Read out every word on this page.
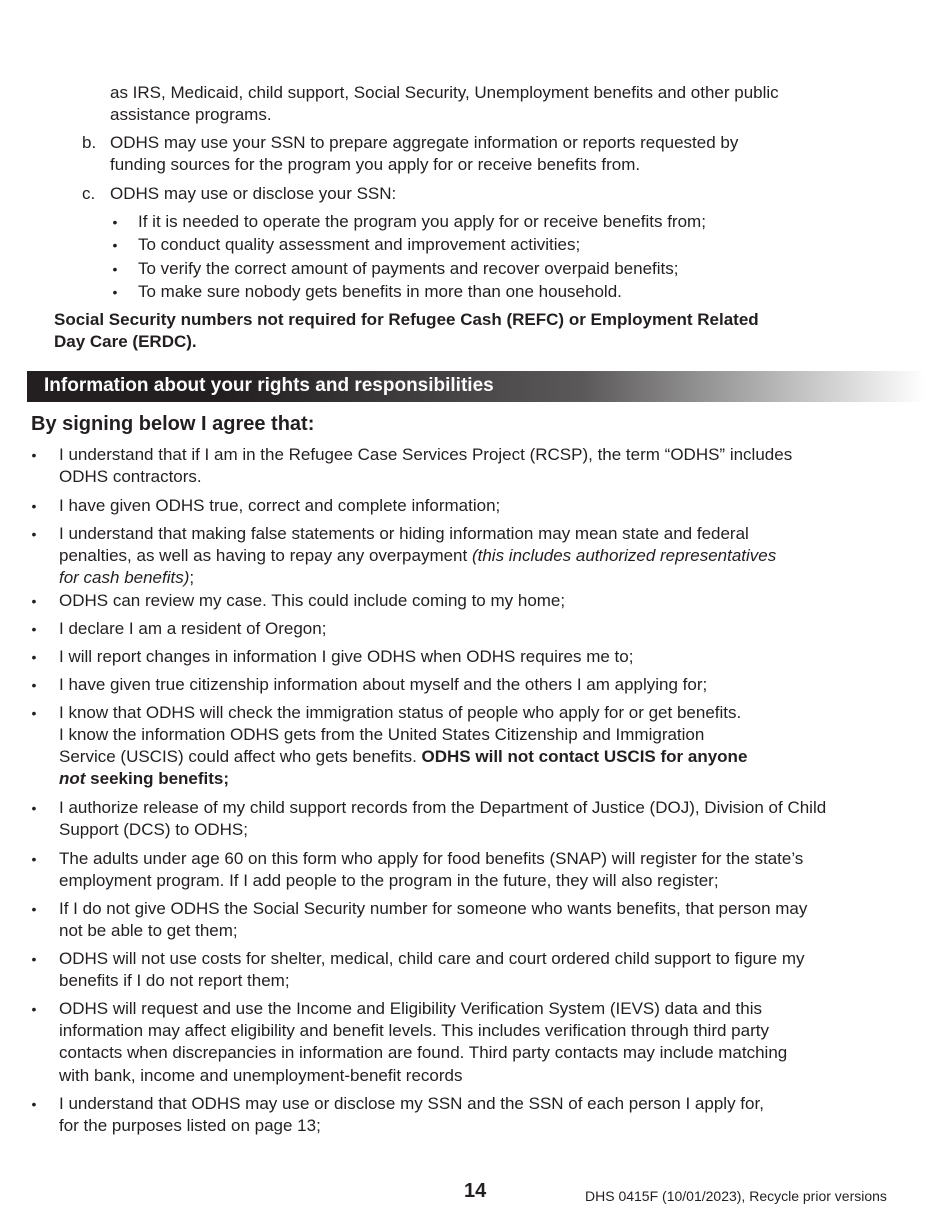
as IRS, Medicaid, child support, Social Security, Unemployment benefits and other public
assistance programs.
b. ODHS may use your SSN to prepare aggregate information or reports requested by
funding sources for the program you apply for or receive benefits from.
c. ODHS may use or disclose your SSN:
• If it is needed to operate the program you apply for or receive benefits from;
• To conduct quality assessment and improvement activities;
• To verify the correct amount of payments and recover overpaid benefits;
• To make sure nobody gets benefits in more than one household.
Social Security numbers not required for Refugee Cash (REFC) or Employment Related
Day Care (ERDC).
Information about your rights and responsibilities
By signing below I agree that:
• I understand that if I am in the Refugee Case Services Project (RCSP), the term “ODHS” includes
ODHS contractors.
• I have given ODHS true, correct and complete information;
• I understand that making false statements or hiding information may mean state and federal
penalties, as well as having to repay any overpayment (this includes authorized representatives
for cash benefits);
• ODHS can review my case. This could include coming to my home;
• I declare I am a resident of Oregon;
• I will report changes in information I give ODHS when ODHS requires me to;
• I have given true citizenship information about myself and the others I am applying for;
• I know that ODHS will check the immigration status of people who apply for or get benefits.
I know the information ODHS gets from the United States Citizenship and Immigration
Service (USCIS) could affect who gets benefits. ODHS will not contact USCIS for anyone
not seeking benefits;
• I authorize release of my child support records from the Department of Justice (DOJ), Division of Child
Support (DCS) to ODHS;
• The adults under age 60 on this form who apply for food benefits (SNAP) will register for the state’s
employment program. If I add people to the program in the future, they will also register;
• If I do not give ODHS the Social Security number for someone who wants benefits, that person may
not be able to get them;
• ODHS will not use costs for shelter, medical, child care and court ordered child support to figure my
benefits if I do not report them;
• ODHS will request and use the Income and Eligibility Verification System (IEVS) data and this
information may affect eligibility and benefit levels. This includes verification through third party
contacts when discrepancies in information are found. Third party contacts may include matching
with bank, income and unemployment-benefit records
• I understand that ODHS may use or disclose my SSN and the SSN of each person I apply for,
for the purposes listed on page 13;
14	DHS 0415F (10/01/2023), Recycle prior versions
